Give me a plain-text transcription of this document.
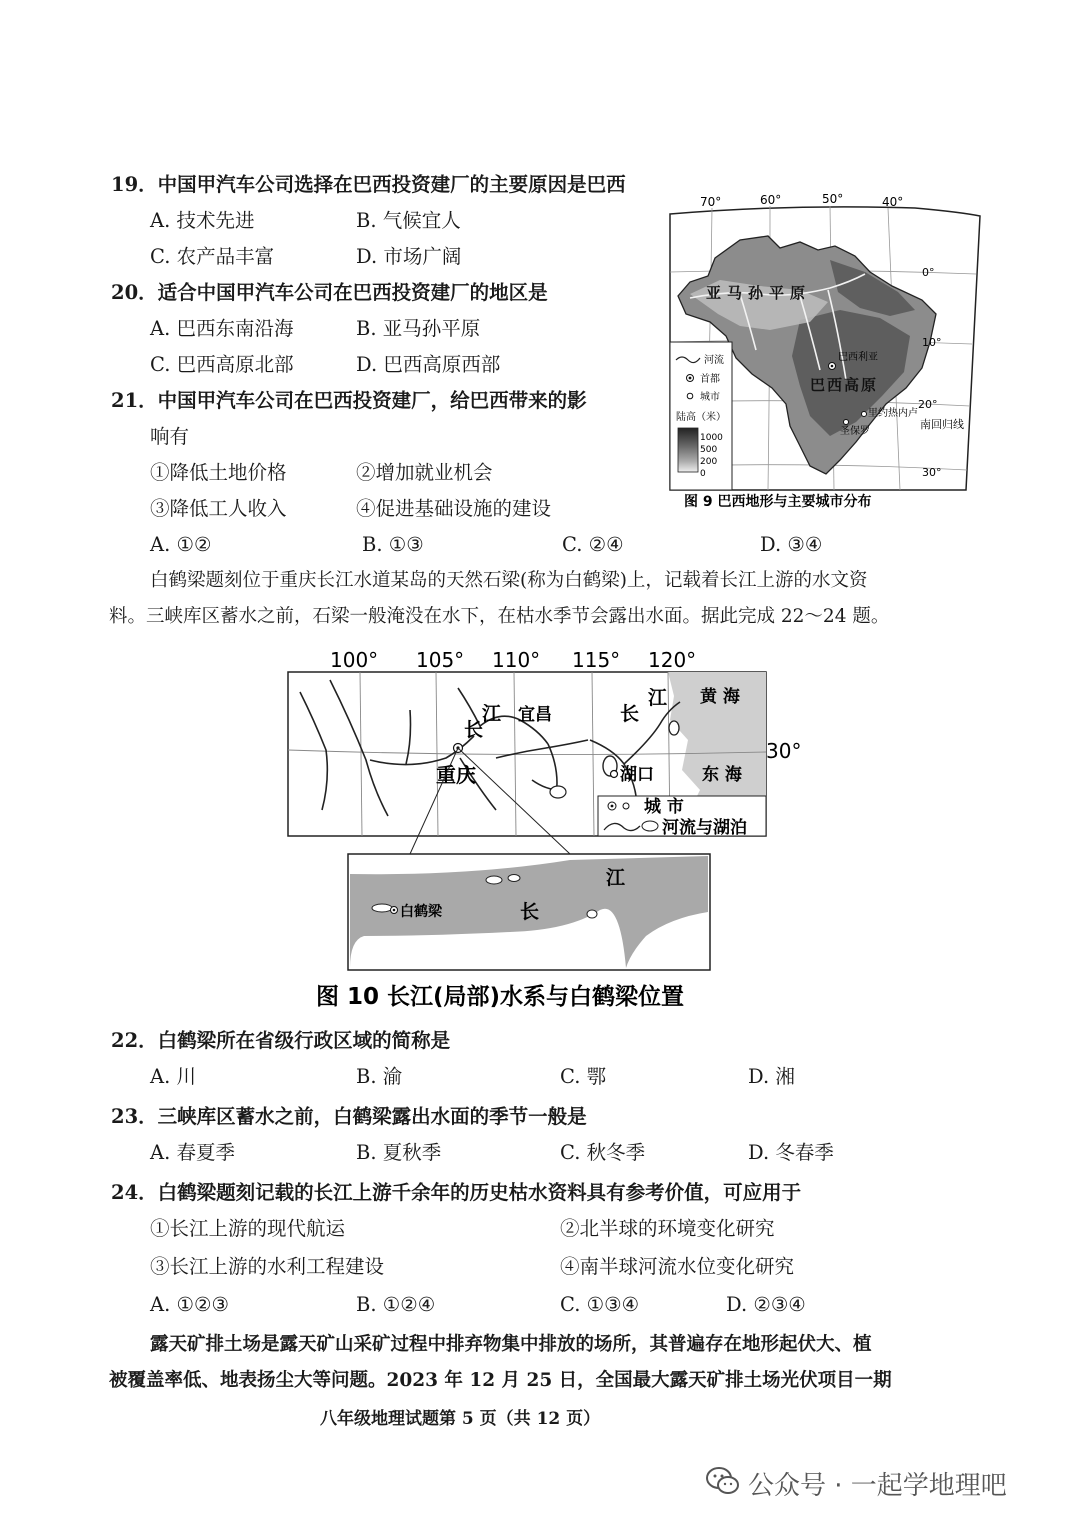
19．中国甲汽车公司选择在巴西投资建厂的主要原因是巴西
A. 技术先进	B. 气候宜人
C. 农产品丰富	D. 市场广阔
20．适合中国甲汽车公司在巴西投资建厂的地区是
A. 巴西东南沿海	B. 亚马孙平原
C. 巴西高原北部	D. 巴西高原西部
21．中国甲汽车公司在巴西投资建厂，给巴西带来的影
响有
①降低土地价格	②增加就业机会
③降低工人收入	④促进基础设施的建设
A. ①②	B. ①③	C. ②④	D. ③④
70°	60°	50°	40°
0°
10°
20°
30°
亚马孙平原
巴西高原
巴西利亚
里约热内卢
圣保罗
南回归线
河流
首都
城市
陆高（米）
1000
500
200
0
图 9 巴西地形与主要城市分布
白鹤梁题刻位于重庆长江水道某岛的天然石梁(称为白鹤梁)上，记载着长江上游的水文资
料。三峡库区蓄水之前，石梁一般淹没在水下，在枯水季节会露出水面。据此完成 22～24 题。
100° 105° 110° 115° 120°
30°
黄 海
东 海
长
江 宜昌	长
江
重庆	湖口
城 市
河流与湖泊
白鹤梁
江
长
图 10 长江(局部)水系与白鹤梁位置
22．白鹤梁所在省级行政区域的简称是
A. 川	B. 渝	C. 鄂	D. 湘
23．三峡库区蓄水之前，白鹤梁露出水面的季节一般是
A. 春夏季	B. 夏秋季	C. 秋冬季	D. 冬春季
24．白鹤梁题刻记载的长江上游千余年的历史枯水资料具有参考价值，可应用于
①长江上游的现代航运	②北半球的环境变化研究
③长江上游的水利工程建设	④南半球河流水位变化研究
A. ①②③	B. ①②④	C. ①③④	D. ②③④
露天矿排土场是露天矿山采矿过程中排弃物集中排放的场所，其普遍存在地形起伏大、植
被覆盖率低、地表扬尘大等问题。2023 年 12 月 25 日，全国最大露天矿排土场光伏项目一期
八年级地理试题第 5 页（共 12 页）
公众号 · 一起学地理吧
